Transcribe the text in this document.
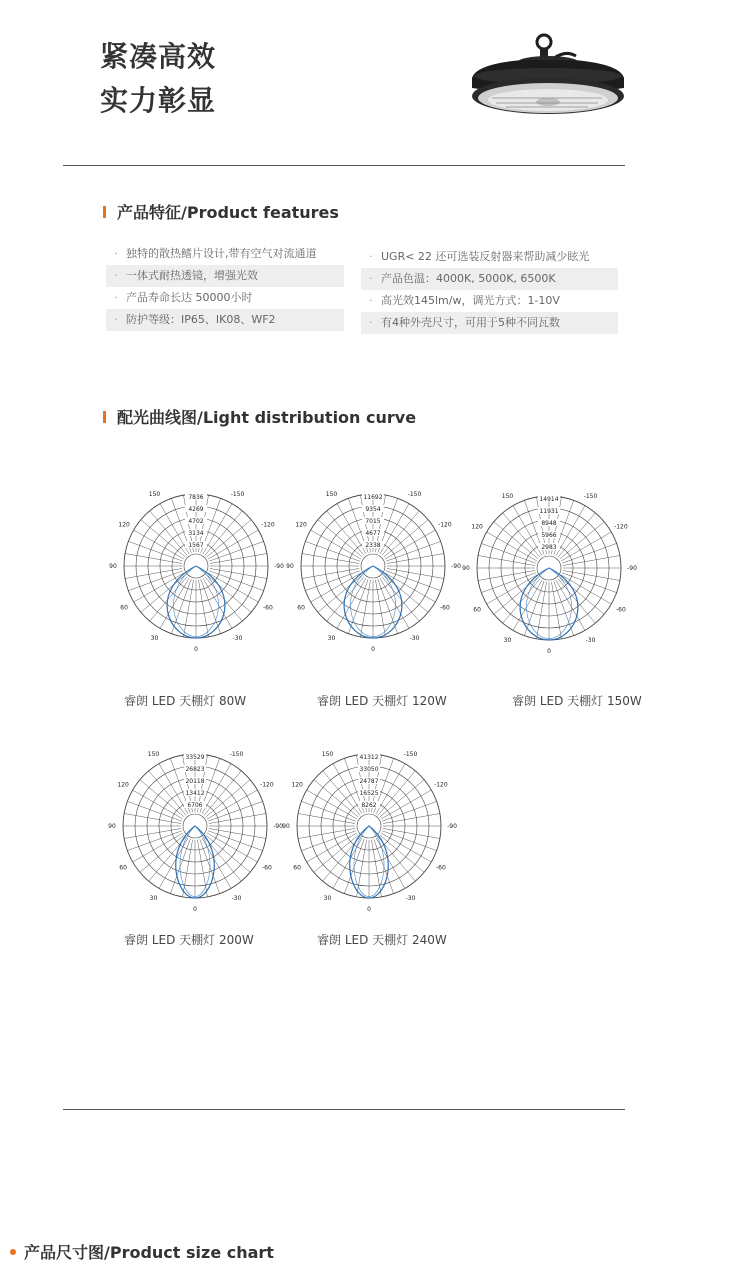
紧凑高效
实力彰显
产品特征/Product features
· 独特的散热鳍片设计,带有空气对流通道
· 一体式耐热透镜，增强光效
· 产品寿命长达 50000小时
· 防护等级：IP65、IK08、WF2
· UGR< 22 还可选装反射器来帮助减少眩光
· 产品色温：4000K, 5000K, 6500K
· 高光效145lm/w，调光方式：1-10V
· 有4种外壳尺寸，可用于5种不同瓦数
配光曲线图/Light distribution curve
7836
4269
4702
3134
1567
-150
150
-120
120
-90
90
-60
60
-30
30
0
睿朗 LED 天棚灯 80W
11692
9354
7015
4677
2338
-150
150
-120
120
-90
90
-60
60
-30
30
0
睿朗 LED 天棚灯 120W
14914
11931
8948
5966
2983
-150
150
-120
120
-90
90
-60
60
-30
30
0
睿朗 LED 天棚灯 150W
33529
26823
20118
13412
6706
-150
150
-120
120
-90
90
-60
60
-30
30
0
睿朗 LED 天棚灯 200W
41312
33050
24787
16525
8262
-150
150
-120
120
-90
90
-60
60
-30
30
0
睿朗 LED 天棚灯 240W
产品尺寸图/Product size chart
